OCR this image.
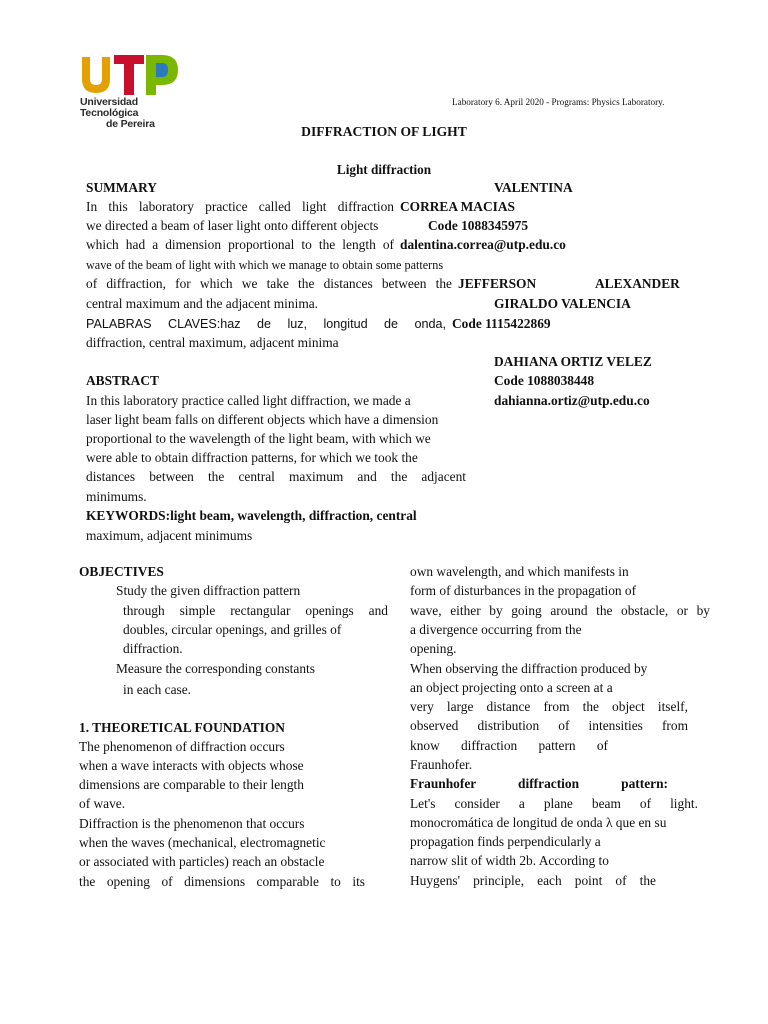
Universidad Tecnológica
de Pereira
Laboratory 6. April 2020 - Programs: Physics Laboratory.
DIFFRACTION OF LIGHT
Light diffraction
SUMMARY	VALENTINA
In this laboratory practice called light diffraction CORREA MACIAS
we directed a beam of laser light onto different objects	Code 1088345975
which had a dimension proportional to the length of dalentina.correa@utp.edu.co
wave of the beam of light with which we manage to obtain some patterns
of diffraction, for which we take the distances between the JEFFERSON	ALEXANDER
central maximum and the adjacent minima.	GIRALDO VALENCIA
PALABRAS CLAVES:haz de luz, longitud de onda, Code 1115422869
diffraction, central maximum, adjacent minima
DAHIANA ORTIZ VELEZ
ABSTRACT	Code 1088038448
In this laboratory practice called light diffraction, we made a	dahianna.ortiz@utp.edu.co
laser light beam falls on different objects which have a dimension
proportional to the wavelength of the light beam, with which we
were able to obtain diffraction patterns, for which we took the
distances between the central maximum and the adjacent
minimums.
KEYWORDS:light beam, wavelength, diffraction, central
maximum, adjacent minimums
OBJECTIVES
Study the given diffraction pattern
through simple rectangular openings and
doubles, circular openings, and grilles of
diffraction.
Measure the corresponding constants
in each case.
1. THEORETICAL FOUNDATION
The phenomenon of diffraction occurs
when a wave interacts with objects whose
dimensions are comparable to their length
of wave.
Diffraction is the phenomenon that occurs
when the waves (mechanical, electromagnetic
or associated with particles) reach an obstacle
the opening of dimensions comparable to its
own wavelength, and which manifests in
form of disturbances in the propagation of
wave, either by going around the obstacle, or by
a divergence occurring from the
opening.
When observing the diffraction produced by
an object projecting onto a screen at a
very large distance from the object itself,
observed distribution of intensities from
know diffraction pattern of
Fraunhofer.
Fraunhofer diffraction pattern:
Let's consider a plane beam of light.
monocromática de longitud de onda λ que en su
propagation finds perpendicularly a
narrow slit of width 2b. According to
Huygens' principle, each point of the
